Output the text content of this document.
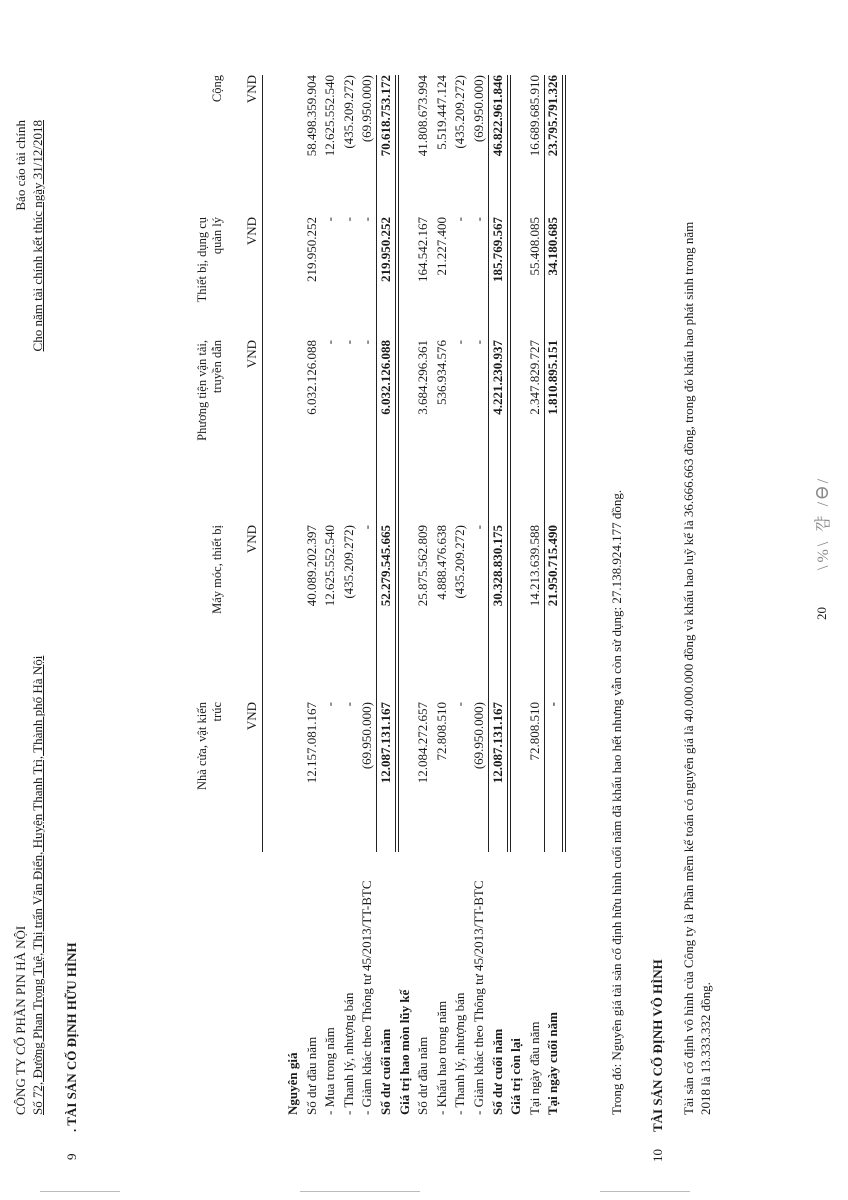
CÔNG TY CỔ PHẦN PIN HÀ NỘI Số 72, Đường Phan Trọng Tuệ, Thị trấn Văn Điển, Huyện Thanh Trì, Thành phố Hà Nội
Báo cáo tài chính Cho năm tài chính kết thúc ngày 31/12/2018
9
. TÀI SẢN CỐ ĐỊNH HỮU HÌNH
Nhà cửa, vật kiến trúc
Máy móc, thiết bị
Phương tiện vận tải, truyền dẫn
Thiết bị, dụng cụ quản lý
Cộng
VND
VND
VND
VND
VND
Nguyên giá Số dư đầu năm
12.157.081.167
40.089.202.397
6.032.126.088
219.950.252
58.498.359.904
- Mua trong năm
-
12.625.552.540
-
-
12.625.552.540
- Thanh lý, nhượng bán
-
(435.209.272)
-
-
(435.209.272)
- Giảm khác theo Thông tư 45/2013/TT-BTC
(69.950.000)
-
-
-
(69.950.000)
Số dư cuối năm
12.087.131.167
52.279.545.665
6.032.126.088
219.950.252
70.618.753.172
Giá trị hao mòn lũy kế Số dư đầu năm
12.084.272.657
25.875.562.809
3.684.296.361
164.542.167
41.808.673.994
- Khấu hao trong năm
72.808.510
4.888.476.638
536.934.576
21.227.400
5.519.447.124
- Thanh lý, nhượng bán
-
(435.209.272)
-
-
(435.209.272)
- Giảm khác theo Thông tư 45/2013/TT-BTC
(69.950.000)
-
-
-
(69.950.000)
Số dư cuối năm
12.087.131.167
30.328.830.175
4.221.230.937
185.769.567
46.822.961.846
Giá trị còn lại Tại ngày đầu năm
72.808.510
14.213.639.588
2.347.829.727
55.408.085
16.689.685.910
Tại ngày cuối năm
-
21.950.715.490
1.810.895.151
34.180.685
23.795.791.326
Trong đó: Nguyên giá tài sản cố định hữu hình cuối năm đã khấu hao hết nhưng vẫn còn sử dụng: 27.138.924.177 đồng.
10
TÀI SẢN CỐ ĐỊNH VÔ HÌNH Tài sản cố định vô hình của Công ty là Phần mềm kế toán có nguyên giá là 40.000.000 đồng và khấu hao luỹ kế là 36.666.663 đồng, trong đó khấu hao phát sinh trong năm 2018 là 13.333.332 đồng.
20
\%\ 꺔 /Ꮎ/
